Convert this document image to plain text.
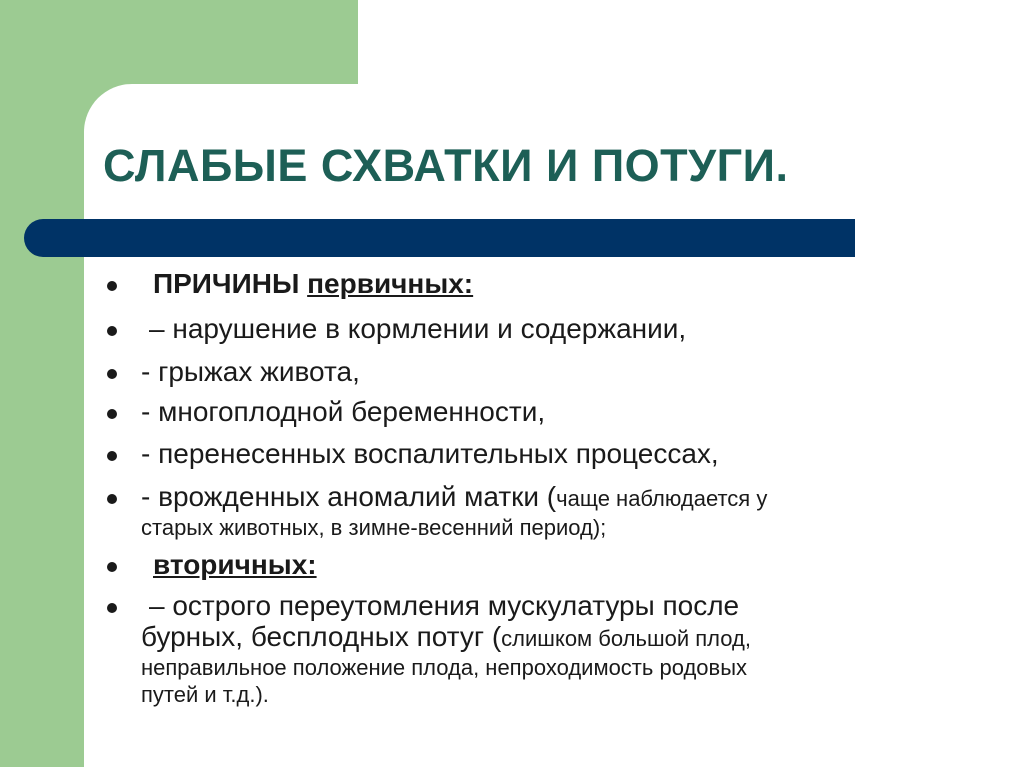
СЛАБЫЕ СХВАТКИ И ПОТУГИ.
ПРИЧИНЫ первичных:
– нарушение в кормлении и содержании,
- грыжах живота,
- многоплодной беременности,
- перенесенных воспалительных процессах,
- врожденных аномалий матки (чаще наблюдается у
старых животных, в зимне-весенний период);
вторичных:
– острого переутомления мускулатуры после
бурных, бесплодных потуг (слишком большой плод,
неправильное положение плода, непроходимость родовых
путей и т.д.).
